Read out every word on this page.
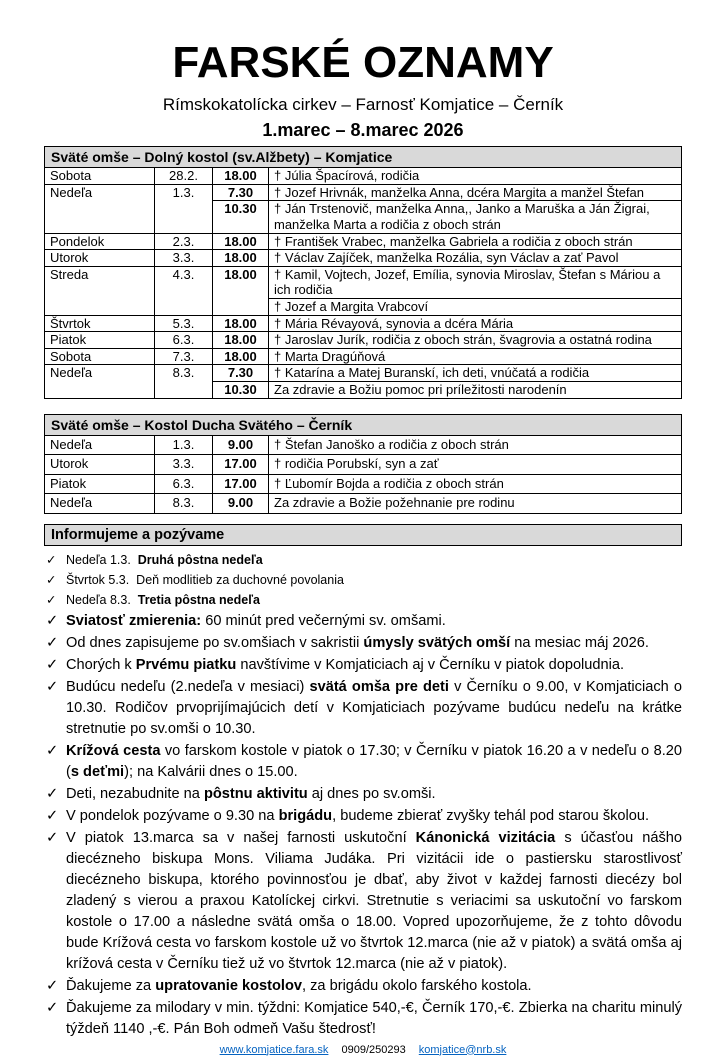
FARSKÉ OZNAMY
Rímskokatolícka cirkev – Farnosť Komjatice – Černík
1.marec – 8.marec 2026
Sväté omše – Dolný kostol (sv.Alžbety) – Komjatice			
Sobota	28.2.	18.00	† Júlia Špacírová, rodičia
Nedeľa	1.3.	7.30	† Jozef Hrivnák, manželka Anna, dcéra Margita a manžel Štefan
		10.30	† Ján Trstenovič, manželka Anna,, Janko a Maruška a Ján Žigrai, manželka Marta a rodičia z oboch strán
Pondelok	2.3.	18.00	† František Vrabec, manželka Gabriela a rodičia z oboch strán
Utorok	3.3.	18.00	† Václav Zajíček, manželka Rozália, syn Václav a zať Pavol
Streda	4.3.	18.00	† Kamil, Vojtech, Jozef, Emília, synovia Miroslav, Štefan s Máriou a ich rodičia
			† Jozef a Margita Vrabcoví
Štvrtok	5.3.	18.00	† Mária Révayová, synovia a dcéra Mária
Piatok	6.3.	18.00	† Jaroslav Jurík, rodičia z oboch strán, švagrovia a ostatná rodina
Sobota	7.3.	18.00	† Marta Dragúňová
Nedeľa	8.3.	7.30	† Katarína a Matej Buranskí, ich deti, vnúčatá a rodičia
		10.30	Za zdravie a Božiu pomoc pri príležitosti narodenín
Sväté omše – Kostol Ducha Svätého – Černík			
Nedeľa	1.3.	9.00	† Štefan Janoško a rodičia z oboch strán
Utorok	3.3.	17.00	† rodičia Porubskí, syn a zať
Piatok	6.3.	17.00	† Ľubomír Bojda a rodičia z oboch strán
Nedeľa	8.3.	9.00	Za zdravie a Božie požehnanie pre rodinu
Informujeme a pozývame
✓ Nedeľa 1.3.  Druhá pôstna nedeľa
✓ Štvrtok 5.3.  Deň modlitieb za duchovné povolania
✓ Nedeľa 8.3.  Tretia pôstna nedeľa
✓ Sviatosť zmierenia: 60 minút pred večernými sv. omšami.
✓ Od dnes zapisujeme po sv.omšiach v sakristii úmysly svätých omší na mesiac máj 2026.
✓ Chorých k Prvému piatku navštívime v Komjaticiach aj v Černíku v piatok dopoludnia.
✓ Budúcu nedeľu (2.nedeľa v mesiaci) svätá omša pre deti v Černíku o 9.00, v Komjaticiach o 10.30. Rodičov prvoprijímajúcich detí v Komjaticiach pozývame budúcu nedeľu na krátke stretnutie po sv.omši o 10.30.
✓ Krížová cesta vo farskom kostole v piatok o 17.30; v Černíku v piatok 16.20 a v nedeľu o 8.20 (s deťmi); na Kalvárii dnes o 15.00.
✓ Deti, nezabudnite na pôstnu aktivitu aj dnes po sv.omši.
✓ V pondelok pozývame o 9.30 na brigádu, budeme zbierať zvyšky tehál pod starou školou.
✓ V piatok 13.marca sa v našej farnosti uskutoční Kánonická vizitácia s účasťou nášho diecézneho biskupa Mons. Viliama Judáka. Pri vizitácii ide o pastiersku starostlivosť diecézneho biskupa, ktorého povinnosťou je dbať, aby život v každej farnosti diecézy bol zladený s vierou a praxou Katolíckej cirkvi. Stretnutie s veriacimi sa uskutoční vo farskom kostole o 17.00 a následne svätá omša o 18.00. Vopred upozorňujeme, že z tohto dôvodu bude Krížová cesta vo farskom kostole už vo štvrtok 12.marca (nie až v piatok) a svätá omša aj krížová cesta v Černíku tiež už vo štvrtok 12.marca (nie až v piatok).
✓ Ďakujeme za upratovanie kostolov, za brigádu okolo farského kostola.
✓ Ďakujeme za milodary v min. týždni: Komjatice 540,-€, Černík 170,-€. Zbierka na charitu minulý týždeň 1140 ,-€. Pán Boh odmeň Vašu štedrosť!
www.komjatice.fara.sk 0909/250293 komjatice@nrb.sk
